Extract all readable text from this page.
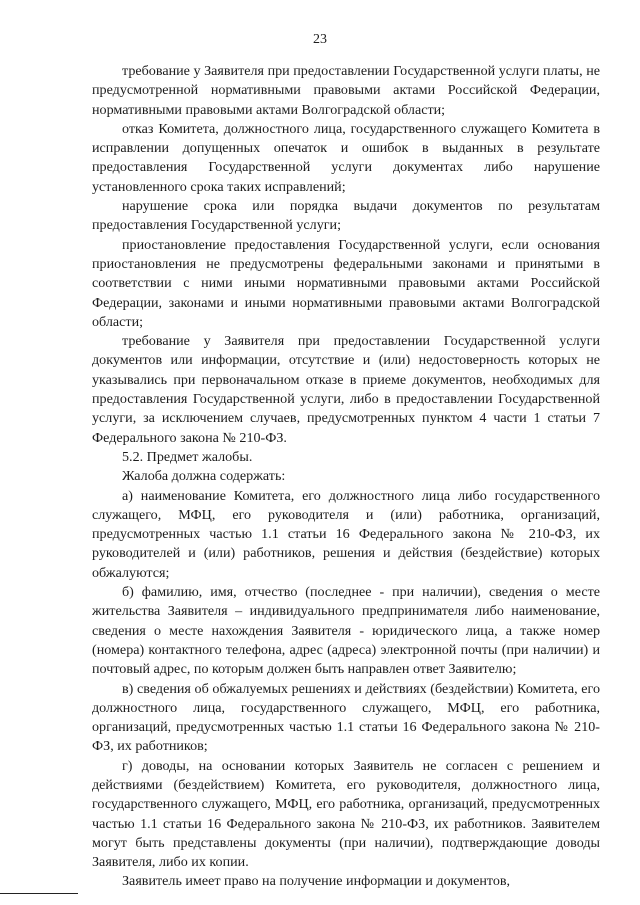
23

требование у Заявителя при предоставлении Государственной услуги платы, не предусмотренной нормативными правовыми актами Российской Федерации, нормативными правовыми актами Волгоградской области;

отказ Комитета, должностного лица, государственного служащего Комитета в исправлении допущенных опечаток и ошибок в выданных в результате предоставления Государственной услуги документах либо нарушение установленного срока таких исправлений;

нарушение срока или порядка выдачи документов по результатам предоставления Государственной услуги;

приостановление предоставления Государственной услуги, если основания приостановления не предусмотрены федеральными законами и принятыми в соответствии с ними иными нормативными правовыми актами Российской Федерации, законами и иными нормативными правовыми актами Волгоградской области;

требование у Заявителя при предоставлении Государственной услуги документов или информации, отсутствие и (или) недостоверность которых не указывались при первоначальном отказе в приеме документов, необходимых для предоставления Государственной услуги, либо в предоставлении Государственной услуги, за исключением случаев, предусмотренных пунктом 4 части 1 статьи 7 Федерального закона № 210-ФЗ.

5.2. Предмет жалобы.

Жалоба должна содержать:

а) наименование Комитета, его должностного лица либо государственного служащего, МФЦ, его руководителя и (или) работника, организаций, предусмотренных частью 1.1 статьи 16 Федерального закона № 210-ФЗ, их руководителей и (или) работников, решения и действия (бездействие) которых обжалуются;

б) фамилию, имя, отчество (последнее - при наличии), сведения о месте жительства Заявителя – индивидуального предпринимателя либо наименование, сведения о месте нахождения Заявителя - юридического лица, а также номер (номера) контактного телефона, адрес (адреса) электронной почты (при наличии) и почтовый адрес, по которым должен быть направлен ответ Заявителю;

в) сведения об обжалуемых решениях и действиях (бездействии) Комитета, его должностного лица, государственного служащего, МФЦ, его работника, организаций, предусмотренных частью 1.1 статьи 16 Федерального закона № 210-ФЗ, их работников;

г) доводы, на основании которых Заявитель не согласен с решением и действиями (бездействием) Комитета, его руководителя, должностного лица, государственного служащего, МФЦ, его работника, организаций, предусмотренных частью 1.1 статьи 16 Федерального закона № 210-ФЗ, их работников. Заявителем могут быть представлены документы (при наличии), подтверждающие доводы Заявителя, либо их копии.

Заявитель имеет право на получение информации и документов,
